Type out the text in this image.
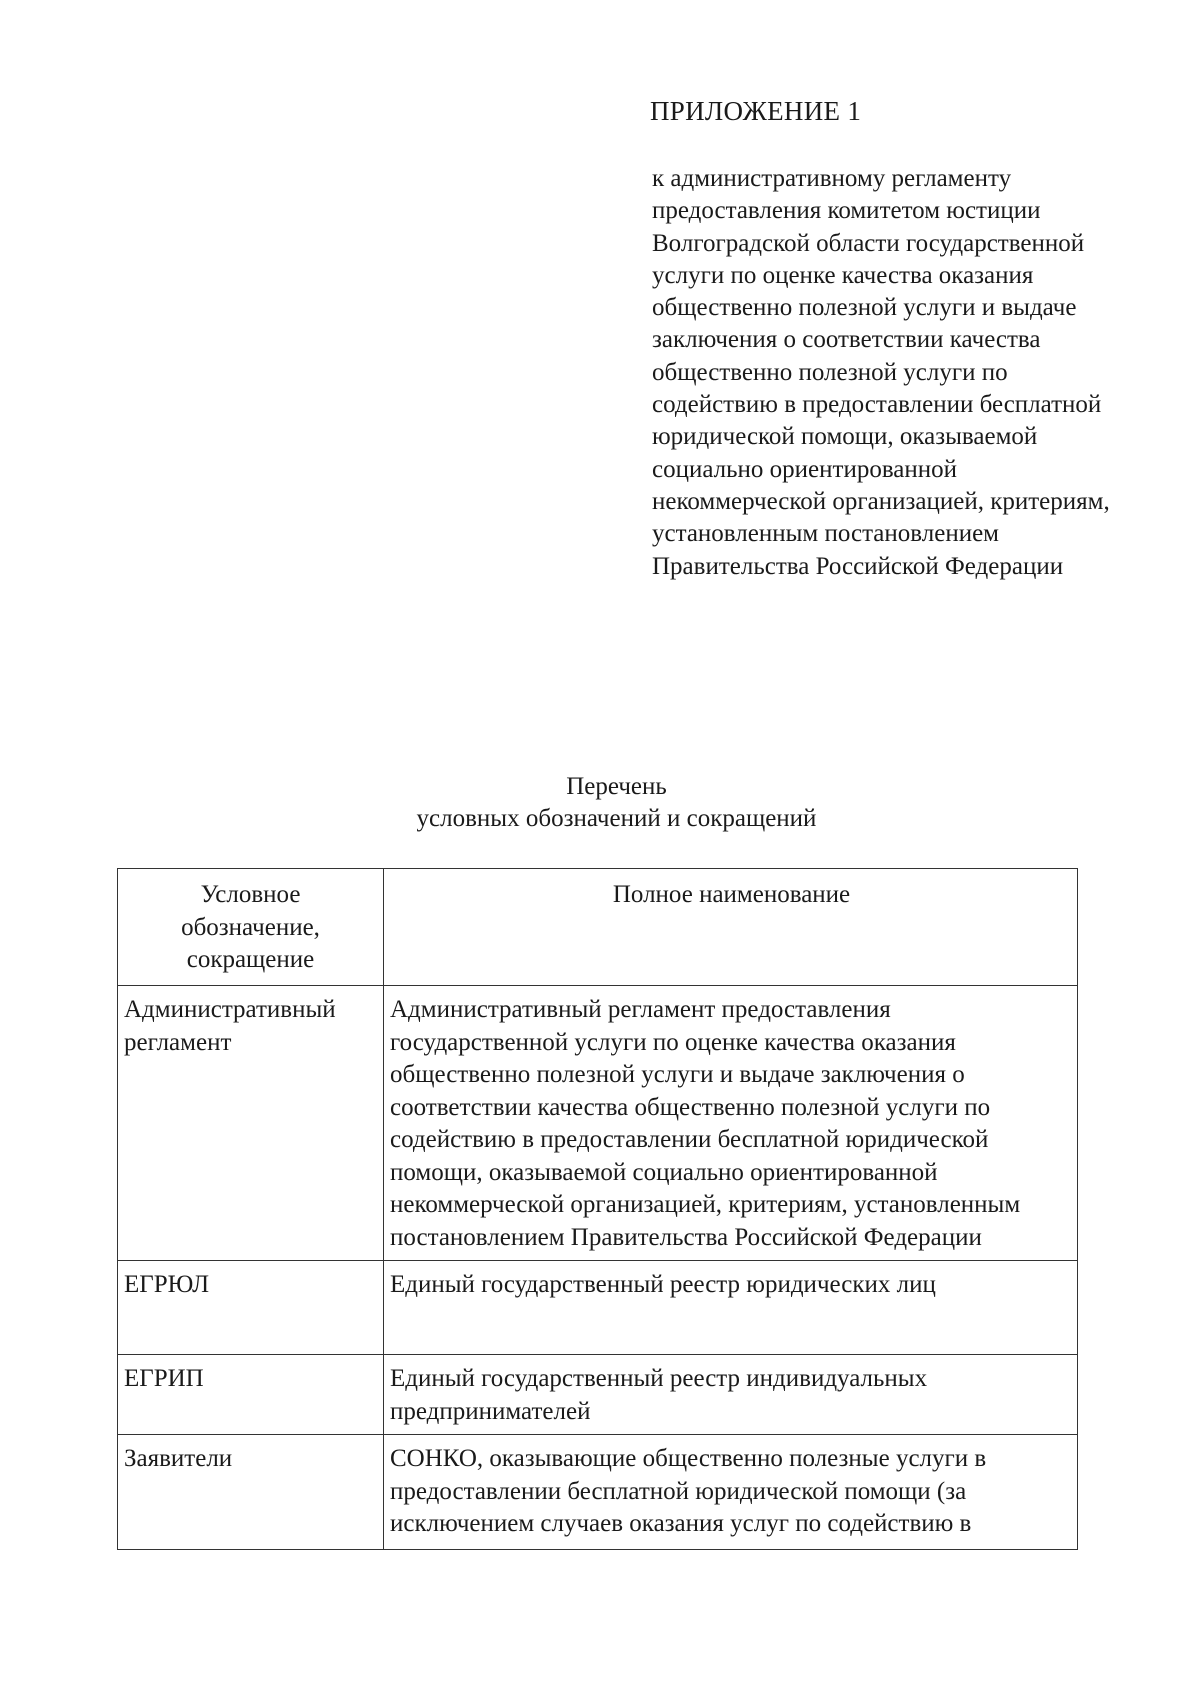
ПРИЛОЖЕНИЕ 1
к административному регламенту предоставления комитетом юстиции Волгоградской области государственной услуги по оценке качества оказания общественно полезной услуги и выдаче заключения о соответствии качества общественно полезной услуги по содействию в предоставлении бесплатной юридической помощи, оказываемой социально ориентированной некоммерческой организацией, критериям, установленным постановлением Правительства Российской Федерации
Перечень
условных обозначений и сокращений
Условное обозначение, сокращение	Полное наименование
Административный регламент	Административный регламент предоставления государственной услуги по оценке качества оказания общественно полезной услуги и выдаче заключения о соответствии качества общественно полезной услуги по содействию в предоставлении бесплатной юридической помощи, оказываемой социально ориентированной некоммерческой организацией, критериям, установленным постановлением Правительства Российской Федерации
ЕГРЮЛ	Единый государственный реестр юридических лиц
ЕГРИП	Единый государственный реестр индивидуальных предпринимателей
Заявители	СОНКО, оказывающие общественно полезные услуги в предоставлении бесплатной юридической помощи (за исключением случаев оказания услуг по содействию в
